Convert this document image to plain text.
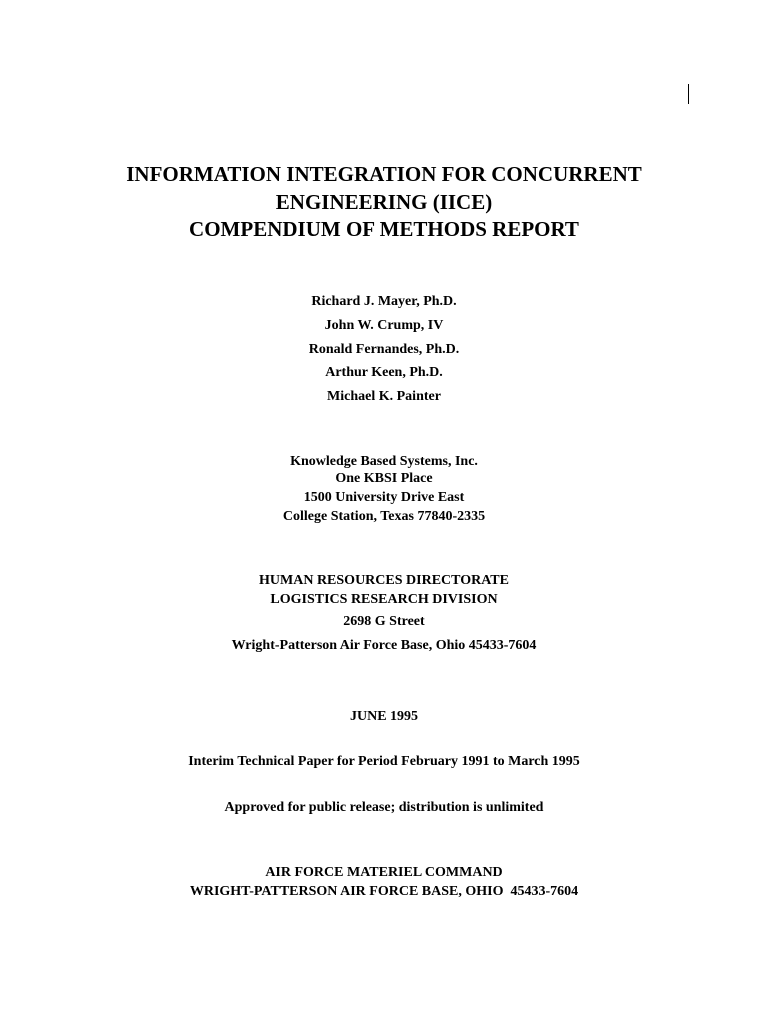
INFORMATION INTEGRATION FOR CONCURRENT
ENGINEERING (IICE)
COMPENDIUM OF METHODS REPORT
Richard J. Mayer, Ph.D.
John W. Crump, IV
Ronald Fernandes, Ph.D.
Arthur Keen, Ph.D.
Michael K. Painter
Knowledge Based Systems, Inc.
One KBSI Place
1500 University Drive East
College Station, Texas 77840-2335
HUMAN RESOURCES DIRECTORATE
LOGISTICS RESEARCH DIVISION
2698 G Street
Wright-Patterson Air Force Base, Ohio 45433-7604
JUNE 1995
Interim Technical Paper for Period February 1991 to March 1995
Approved for public release; distribution is unlimited
AIR FORCE MATERIEL COMMAND
WRIGHT-PATTERSON AIR FORCE BASE, OHIO  45433-7604
